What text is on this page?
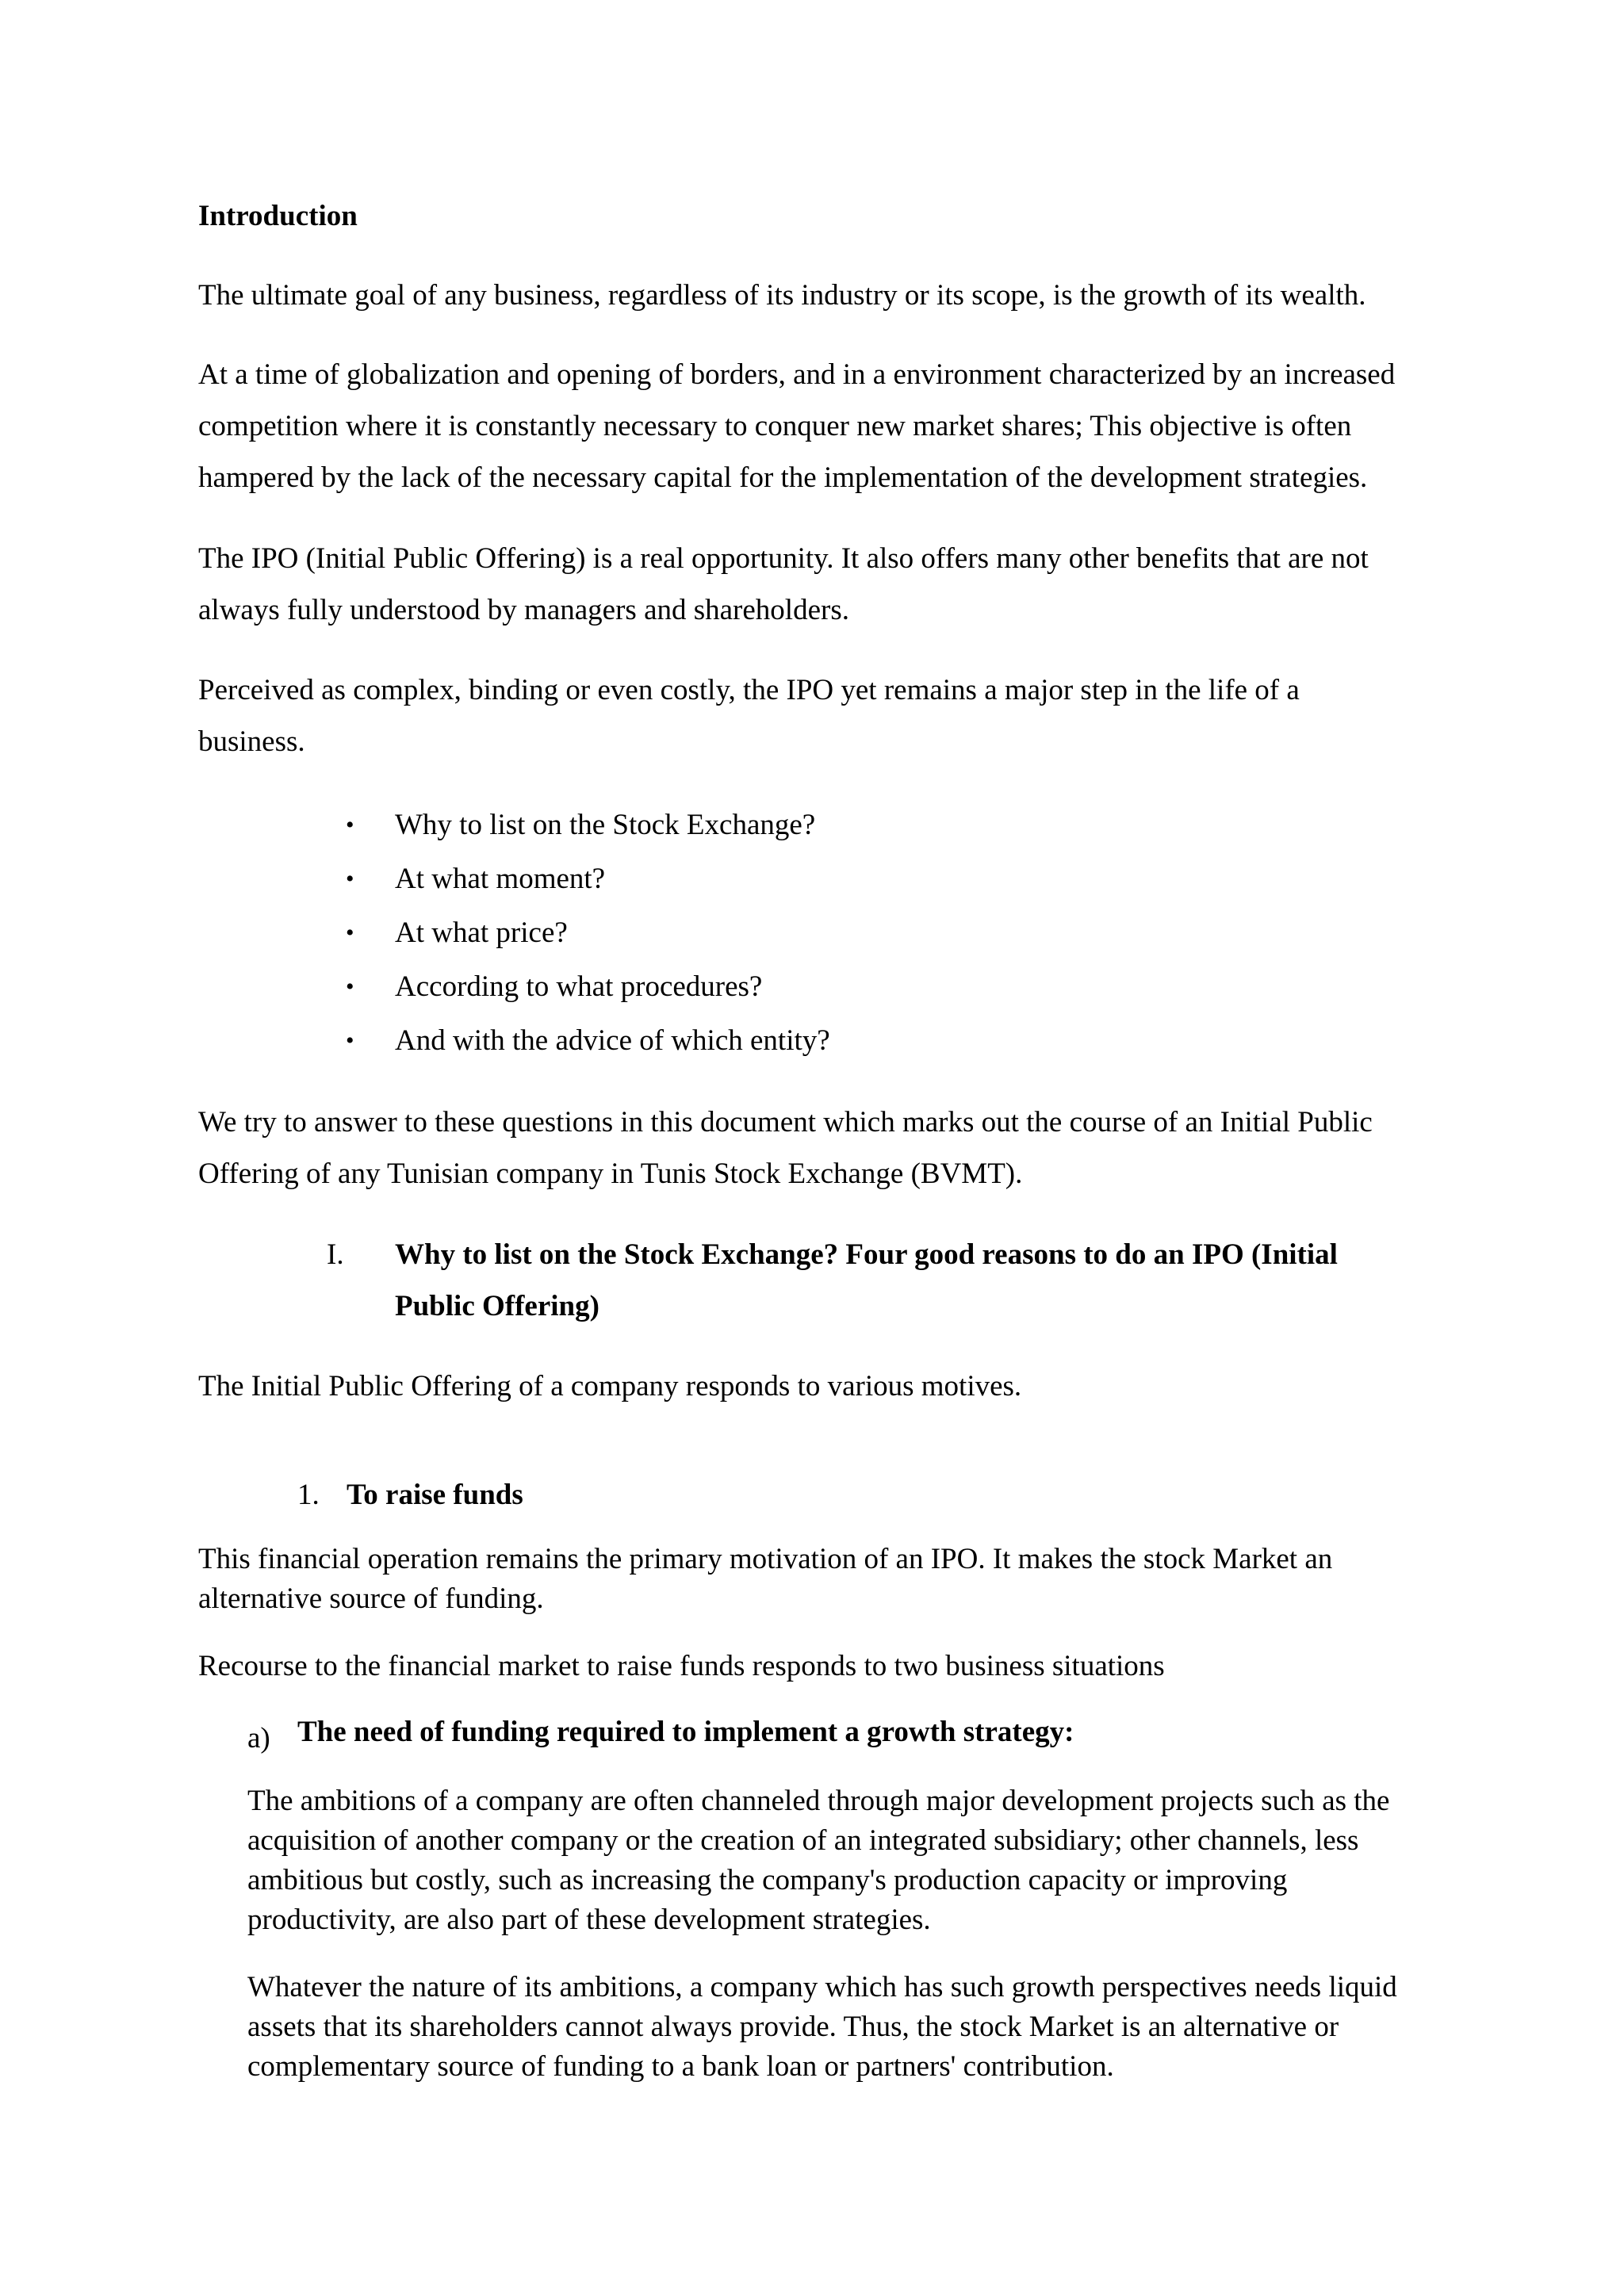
Introduction
The ultimate goal of any business, regardless of its industry or its scope, is the growth of its wealth.
At a time of globalization and opening of borders, and in a environment characterized by an increased
competition where it is constantly necessary to conquer new market shares; This objective is often
hampered by the lack of the necessary capital for the implementation of the development strategies.
The IPO (Initial Public Offering) is a real opportunity. It also offers many other benefits that are not
always fully understood by managers and shareholders.
Perceived as complex, binding or even costly, the IPO yet remains a major step in the life of a
business.
• Why to list on the Stock Exchange?
• At what moment?
• At what price?
• According to what procedures?
• And with the advice of which entity?
We try to answer to these questions in this document which marks out the course of an Initial Public
Offering of any Tunisian company in Tunis Stock Exchange (BVMT).
I. Why to list on the Stock Exchange? Four good reasons to do an IPO (Initial
Public Offering)
The Initial Public Offering of a company responds to various motives.
1. To raise funds
This financial operation remains the primary motivation of an IPO. It makes the stock Market an
alternative source of funding.
Recourse to the financial market to raise funds responds to two business situations
a) The need of funding required to implement a growth strategy:
The ambitions of a company are often channeled through major development projects such as the
acquisition of another company or the creation of an integrated subsidiary; other channels, less
ambitious but costly, such as increasing the company's production capacity or improving
productivity, are also part of these development strategies.
Whatever the nature of its ambitions, a company which has such growth perspectives needs liquid
assets that its shareholders cannot always provide. Thus, the stock Market is an alternative or
complementary source of funding to a bank loan or partners' contribution.
